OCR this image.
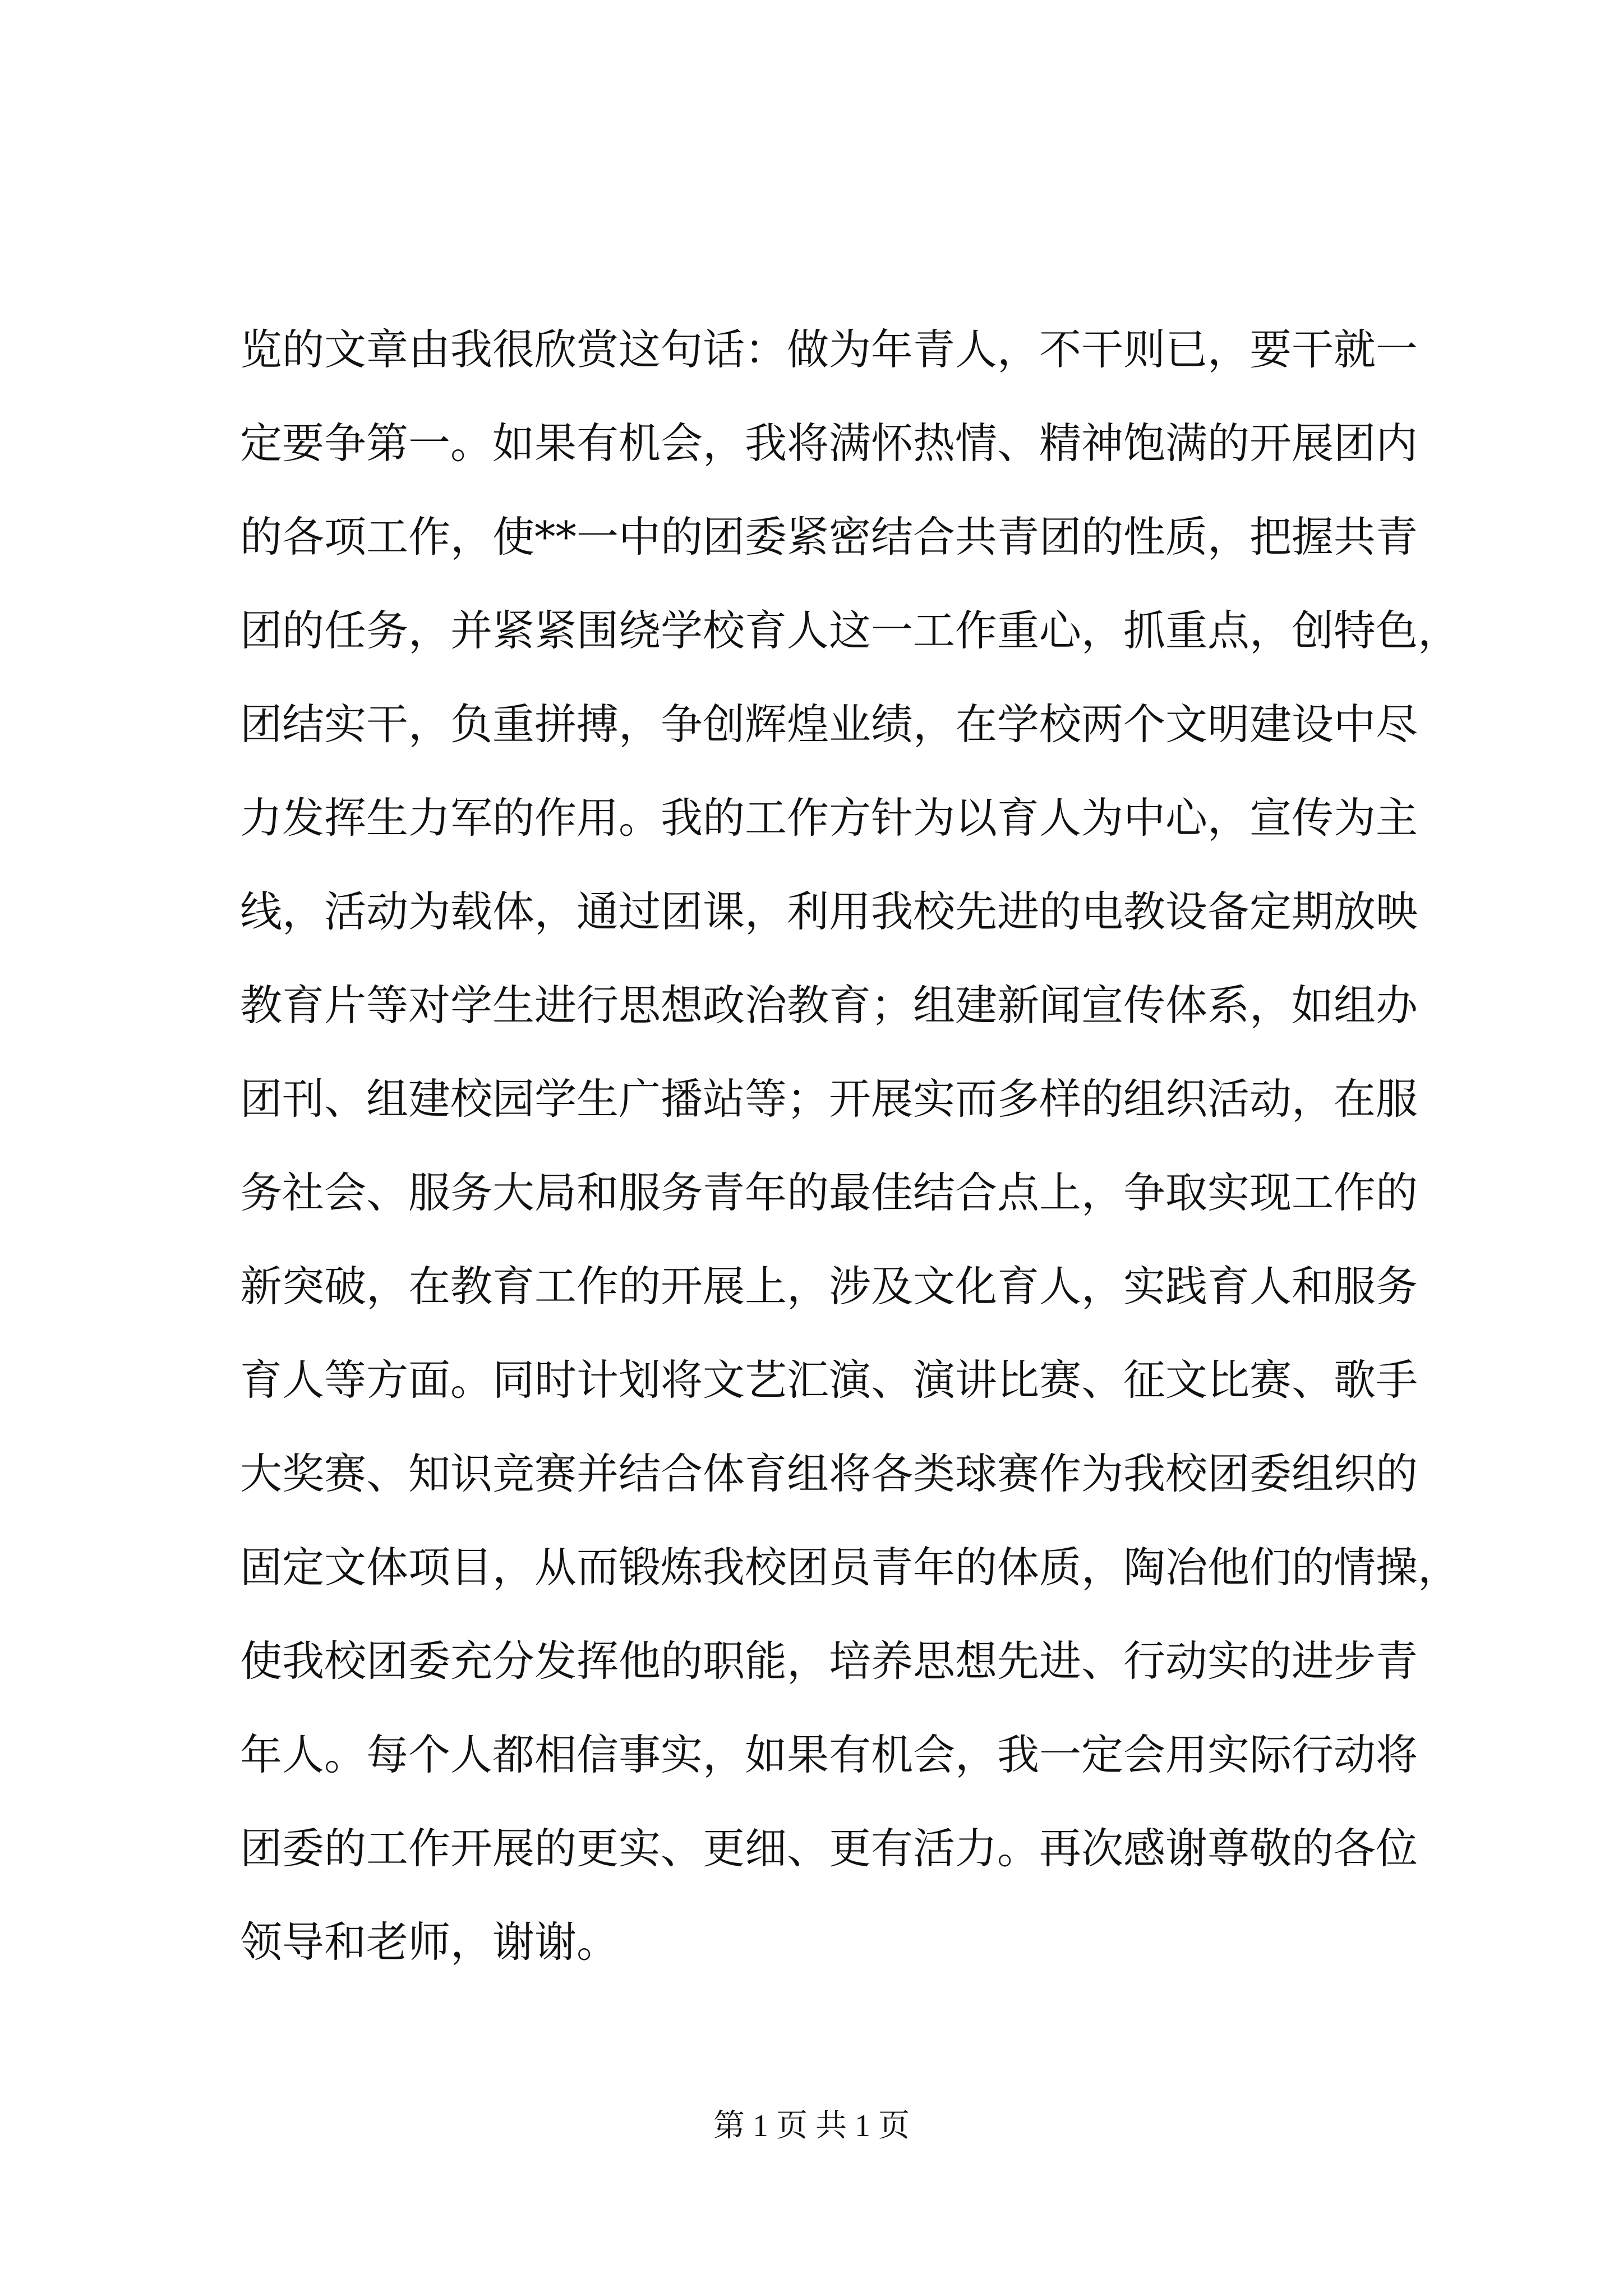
览的文章由我很欣赏这句话：做为年青人，不干则已，要干就一
定要争第一。如果有机会，我将满怀热情、精神饱满的开展团内
的各项工作，使**一中的团委紧密结合共青团的性质，把握共青
团的任务，并紧紧围绕学校育人这一工作重心，抓重点，创特色，
团结实干，负重拼搏，争创辉煌业绩，在学校两个文明建设中尽
力发挥生力军的作用。我的工作方针为以育人为中心，宣传为主
线，活动为载体，通过团课，利用我校先进的电教设备定期放映
教育片等对学生进行思想政治教育；组建新闻宣传体系，如组办
团刊、组建校园学生广播站等；开展实而多样的组织活动，在服
务社会、服务大局和服务青年的最佳结合点上，争取实现工作的
新突破，在教育工作的开展上，涉及文化育人，实践育人和服务
育人等方面。同时计划将文艺汇演、演讲比赛、征文比赛、歌手
大奖赛、知识竞赛并结合体育组将各类球赛作为我校团委组织的
固定文体项目，从而锻炼我校团员青年的体质，陶冶他们的情操，
使我校团委充分发挥他的职能，培养思想先进、行动实的进步青
年人。每个人都相信事实，如果有机会，我一定会用实际行动将
团委的工作开展的更实、更细、更有活力。再次感谢尊敬的各位
领导和老师，谢谢。
第 1 页 共 1 页
